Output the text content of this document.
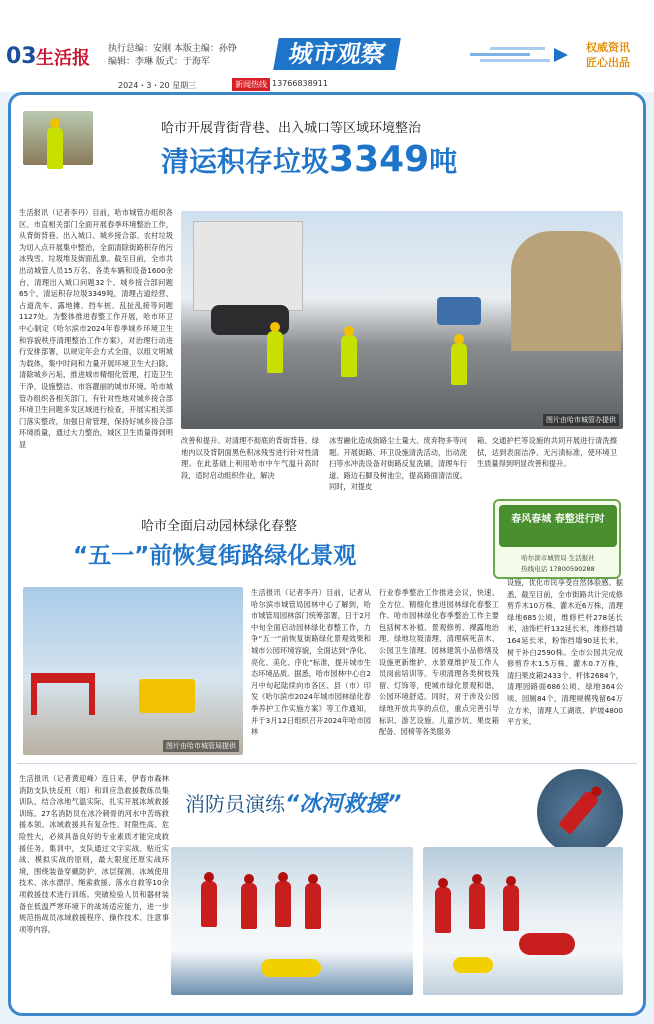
03 生活报 执行总编：安刚 本版主编：孙铮
编辑：李琳 版式：于海军	城市观察	权威资讯
匠心出品
2024・3・20 星期三	新闻热线 13766838911
哈市开展背街背巷、出入城口等区域环境整治
清运积存垃圾3349吨
生活报讯（记者李丹）目前，哈市城管办组织各区、市直相关部门全面开展春季环境整治工作，从背街背巷、出入城口、城乡接合部、农村垃圾为切入点开展集中整治，全面清除街路积存的污冰残雪、垃圾堆及街面乱象。截至目前，全市共出动城管人员15万名、各类车辆和设备1600余台，清理出入城口问题32个、城乡接合部问题65个，清运积存垃圾3349吨，清理占道经营、占道洗车、露地摊、挡车桩、乱扯乱接等问题1127处。为整体推进春整工作开展，哈市环卫中心制定《哈尔滨市2024年春季城乡环境卫生和容貌秩序清理整治工作方案》，对治理行动进行安排部署，以规定年会方式全面，以组文明城为载体，集中时间和力量开展环境卫生大扫除。清除城乡污垢，推进城市精细化管理，打造卫生干净、设施整洁、市容靓丽的城市环境。哈市城管办组织各相关部门，有针对性地对城乡接合部环境卫生问题多发区域进行检查，开展实相关部门落实整改，加强日常管理，保持好城乡接合部环境质量，通过大力整治，城区卫生质量得到明显
图片由哈市城管办提供
改善和提升。对清理不彻底的背街背巷、绿地内以及背阴面黑色积冰残雪进行针对性清理。在此基础上利用哈市中午气温升高时段，适时启动组织作业，解决
冰雪融化造成街路尘土量大、废弃物多等问题。开展街路、环卫设施清洗活动，出动洗扫等水冲洗设备对街路反复洗刷，清理车行道、路边石脚及树池尘，提高路面清洁度。同时，对提皮
箱、交通护栏等设施的共同开展进行清洗擦拭，达到表面洁净、无污渍标准，使环境卫生质量得到明显改善和提升。
哈市全面启动园林绿化春整
“五一”前恢复街路绿化景观
春风春城 春整进行时
哈尔滨市城管局 生活报社
热线电话 17800590288
图片由哈市城管局提供
生活报讯（记者李丹）目前，记者从哈尔滨市城管局园林中心了解到，哈市城管局园林部门统筹部署，日于2月中旬全面启动园林绿化春整工作，力争“五一”前恢复街路绿化景观效果和城市公园环境容貌，全面达到“净化、亮化、美化、序化”标准，提升城市生态环境品质。据悉，哈市园林中心自2月中旬起陆续向市各区、县（市）印发《哈尔滨市2024年城市园林绿化春季养护工作实施方案》等工作通知，并于3月12日组织召开2024年哈市园林
行业春季整治工作推进会议，快速、全方位、精细化推进园林绿化春整工作。哈市园林绿化春季整治工作主要包括树木补植、景观修剪、裸露地治理、绿地垃圾清理、清理病死苗木、公园卫生清理、园林建筑小品修缮及设施更新维护、水景观维护及工作人员岗前培训等。专项清理各类树枝残留、灯饰等，使城市绿化景观和谐，公园环境舒适。同时，对于涉及公园绿地开放共享的点位，重点完善引导标识、游艺设施、儿童沙坑、果皮箱配备、园椅等各类服务
设施，优化市民享受自然体验感。据悉，截至目前，全市街路共计完成修剪乔木10万株、灌木近6万株，清理绿地685公顷，维修栏杆278延长米，油饰栏杆132延长米，维修挡墙164延长米，粉饰挡墙90延长米，树干补白2590株。全市公园共完成修剪乔木1.5万株、灌木0.7万株，清扫果皮箱2433个、杆体2684个，清理园路面686公顷、绿地364公顷、园厕84个，清理规模残留64万立方米，清理人工湖底、护坡4800平方米。
生活报讯（记者黄迎峰）连日来，伊春市森林消防支队快反班（组）和训应急救援教练员集训队，结合冰地气温实际，扎实开展冰域救援训练。27名消防员在冰冷刺骨的河水中苦练救援本领。冰域救援具有复杂性、时限性高、危险性大，必须具备良好的专业素质才能完成救援任务。集训中，支队通过文字实战、贴近实战、模拟实战的原则，最大限度还原实战环境，围绕装备穿戴防护、冰层探测、冰域使用技术、冰水漂浮、绳索救援、落水自救等10余项救援技术进行训练。突破检验人员和器材装备在低温严寒环境下的战场适应能力，进一步规范指战员冰域救援程序、操作技术、注意事项等内容。
消防员演练“冰河救援”
